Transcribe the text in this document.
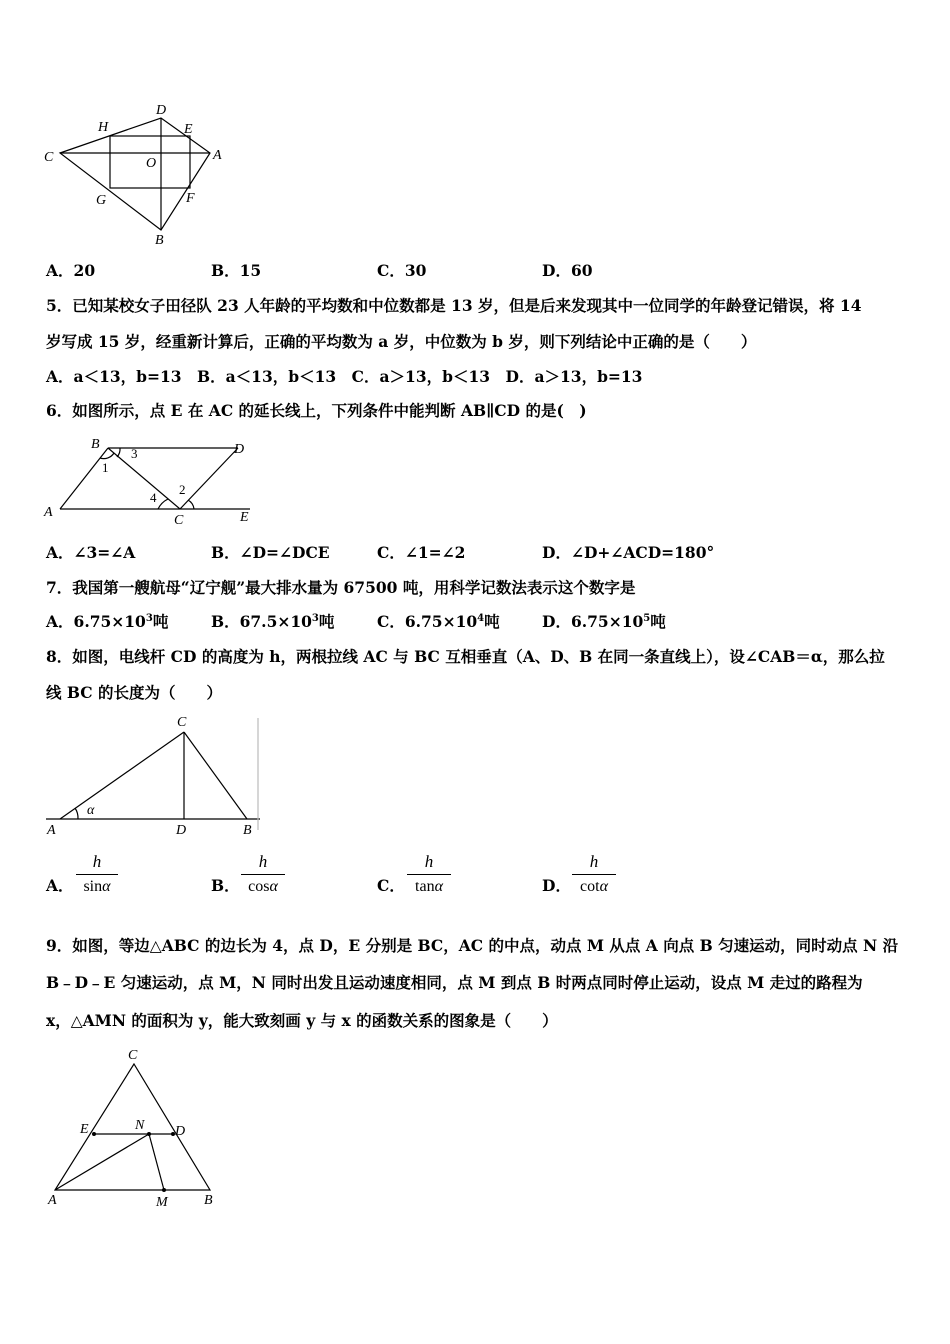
D
H	E
C	O
A
G	F
B
A．20	B．15	C．30	D．60
5．已知某校女子田径队 23 人年龄的平均数和中位数都是 13 岁，但是后来发现其中一位同学的年龄登记错误，将 14
岁写成 15 岁，经重新计算后，正确的平均数为 a 岁，中位数为 b 岁，则下列结论中正确的是（　　）
A．a＜13，b=13　B．a＜13，b＜13　C．a＞13，b＜13　D．a＞13，b=13
6．如图所示，点 E 在 AC 的延长线上，下列条件中能判断 AB∥CD 的是(　)
B	D
A
C	E
1
3
4
2
A．∠3=∠A	B．∠D=∠DCE	C．∠1=∠2	D．∠D+∠ACD=180°
7．我国第一艘航母“辽宁舰”最大排水量为 67500 吨，用科学记数法表示这个数字是
A．$6.75\times 10^3$吨	B．$67.5\times 10^3$吨	C．$6.75\times 10^4$吨	D．$6.75\times 10^5$吨
8．如图，电线杆 CD 的高度为 h，两根拉线 AC 与 BC 互相垂直（A、D、B 在同一条直线上），设∠CAB＝α，那么拉
线 BC 的长度为（　　）
C
A	D	B
α
A．
h
sinα	B．
h
cosα	C．
h
tanα	D．
h
cotα
9．如图，等边△ABC 的边长为 4，点 D，E 分别是 BC，AC 的中点，动点 M 从点 A 向点 B 匀速运动，同时动点 N 沿
B﹣D﹣E 匀速运动，点 M，N 同时出发且运动速度相同，点 M 到点 B 时两点同时停止运动，设点 M 走过的路程为
x，△AMN 的面积为 y，能大致刻画 y 与 x 的函数关系的图象是（　　）
C
E	N D
A	M	B
